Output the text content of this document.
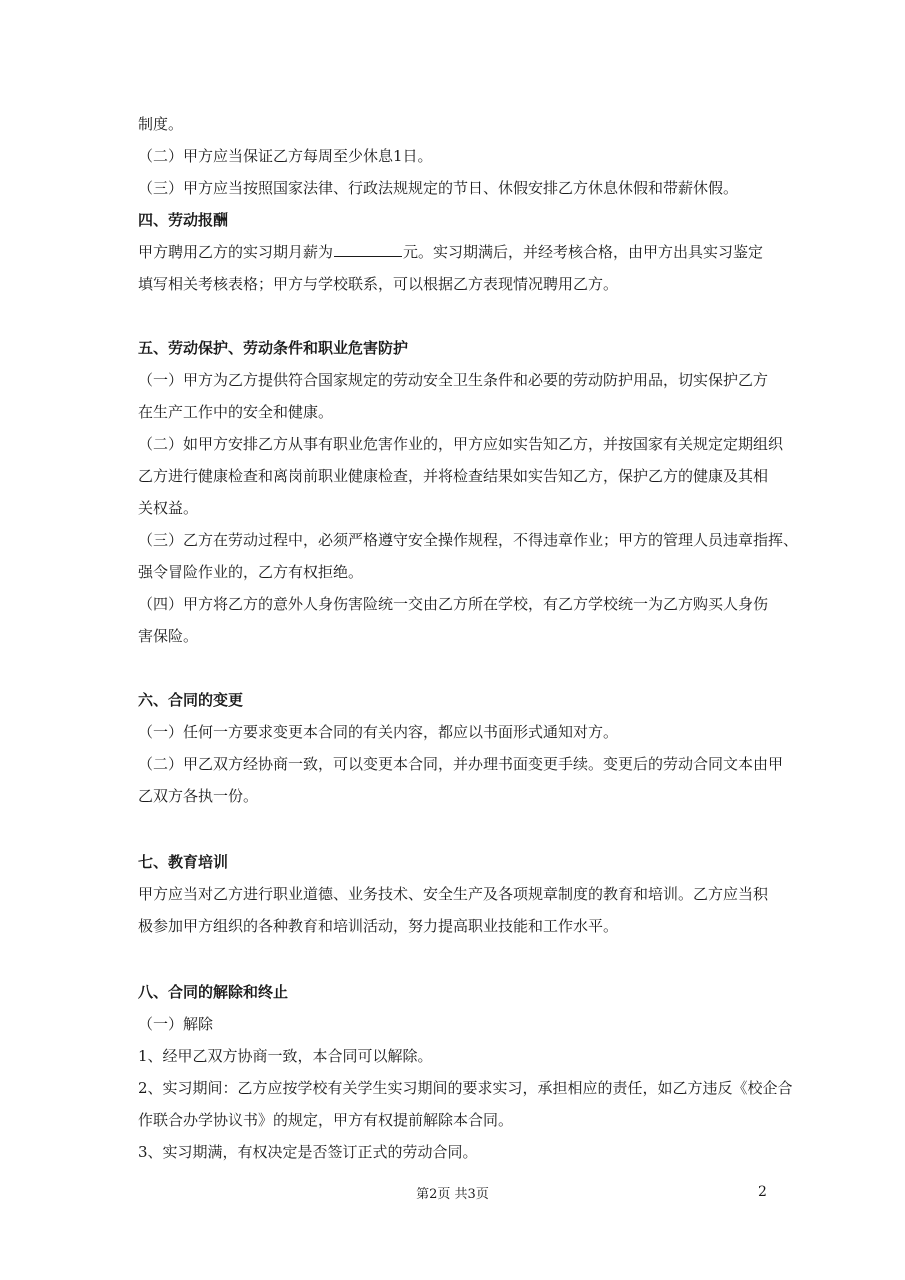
制度。
（二）甲方应当保证乙方每周至少休息1日。
（三）甲方应当按照国家法律、行政法规规定的节日、休假安排乙方休息休假和带薪休假。
四、劳动报酬
甲方聘用乙方的实习期月薪为	元。实习期满后，并经考核合格，由甲方出具实习鉴定
填写相关考核表格；甲方与学校联系，可以根据乙方表现情况聘用乙方。
五、劳动保护、劳动条件和职业危害防护
（一）甲方为乙方提供符合国家规定的劳动安全卫生条件和必要的劳动防护用品，切实保护乙方
在生产工作中的安全和健康。
（二）如甲方安排乙方从事有职业危害作业的，甲方应如实告知乙方，并按国家有关规定定期组织
乙方进行健康检查和离岗前职业健康检查，并将检查结果如实告知乙方，保护乙方的健康及其相
关权益。
（三）乙方在劳动过程中，必须严格遵守安全操作规程，不得违章作业；甲方的管理人员违章指挥、
强令冒险作业的，乙方有权拒绝。
（四）甲方将乙方的意外人身伤害险统一交由乙方所在学校，有乙方学校统一为乙方购买人身伤
害保险。
六、合同的变更
（一）任何一方要求变更本合同的有关内容，都应以书面形式通知对方。
（二）甲乙双方经协商一致，可以变更本合同，并办理书面变更手续。变更后的劳动合同文本由甲
乙双方各执一份。
七、教育培训
甲方应当对乙方进行职业道德、业务技术、安全生产及各项规章制度的教育和培训。乙方应当积
极参加甲方组织的各种教育和培训活动，努力提高职业技能和工作水平。
八、合同的解除和终止
（一）解除
1、经甲乙双方协商一致，本合同可以解除。
2、实习期间：乙方应按学校有关学生实习期间的要求实习，承担相应的责任，如乙方违反《校企合
作联合办学协议书》的规定，甲方有权提前解除本合同。
3、实习期满，有权决定是否签订正式的劳动合同。
第2页 共3页	2
